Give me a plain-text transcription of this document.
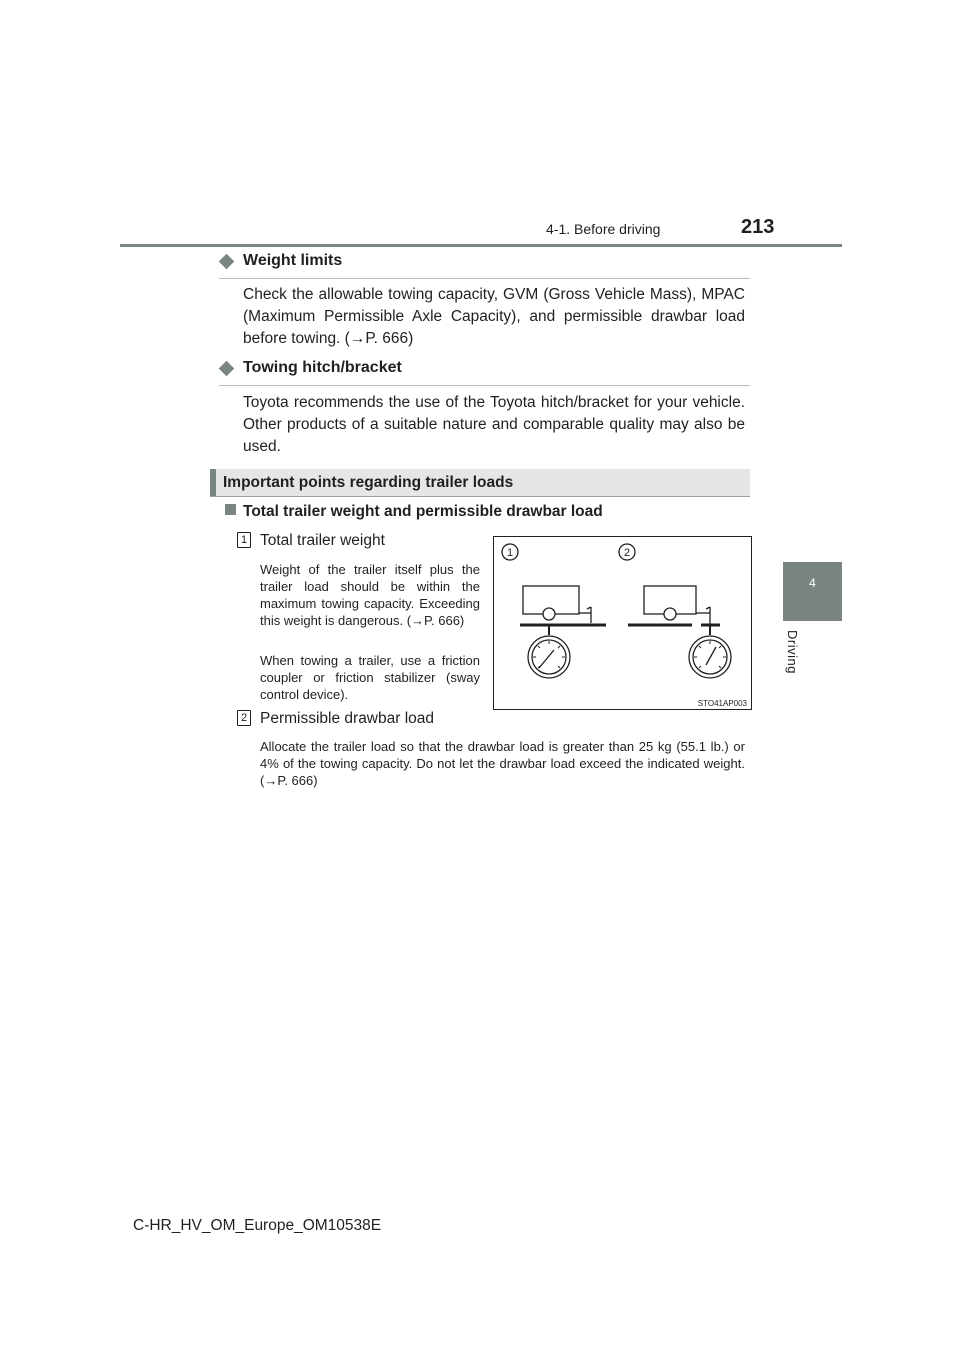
4-1. Before driving	213
4
Driving
Weight limits
Check the allowable towing capacity, GVM (Gross Vehicle Mass), MPAC (Maximum Permissible Axle Capacity), and permissible drawbar load before towing. (→P. 666)
Towing hitch/bracket
Toyota recommends the use of the Toyota hitch/bracket for your vehicle. Other products of a suitable nature and comparable quality may also be used.
Important points regarding trailer loads
Total trailer weight and permissible drawbar load
1 Total trailer weight
Weight of the trailer itself plus the trailer load should be within the maximum towing capacity. Exceeding this weight is dangerous. (→P. 666)
When towing a trailer, use a friction coupler or friction stabilizer (sway control device).
2 Permissible drawbar load
Allocate the trailer load so that the drawbar load is greater than 25 kg (55.1 lb.) or 4% of the towing capacity. Do not let the drawbar load exceed the indicated weight. (→P. 666)
1	2
STO41AP003
C-HR_HV_OM_Europe_OM10538E
